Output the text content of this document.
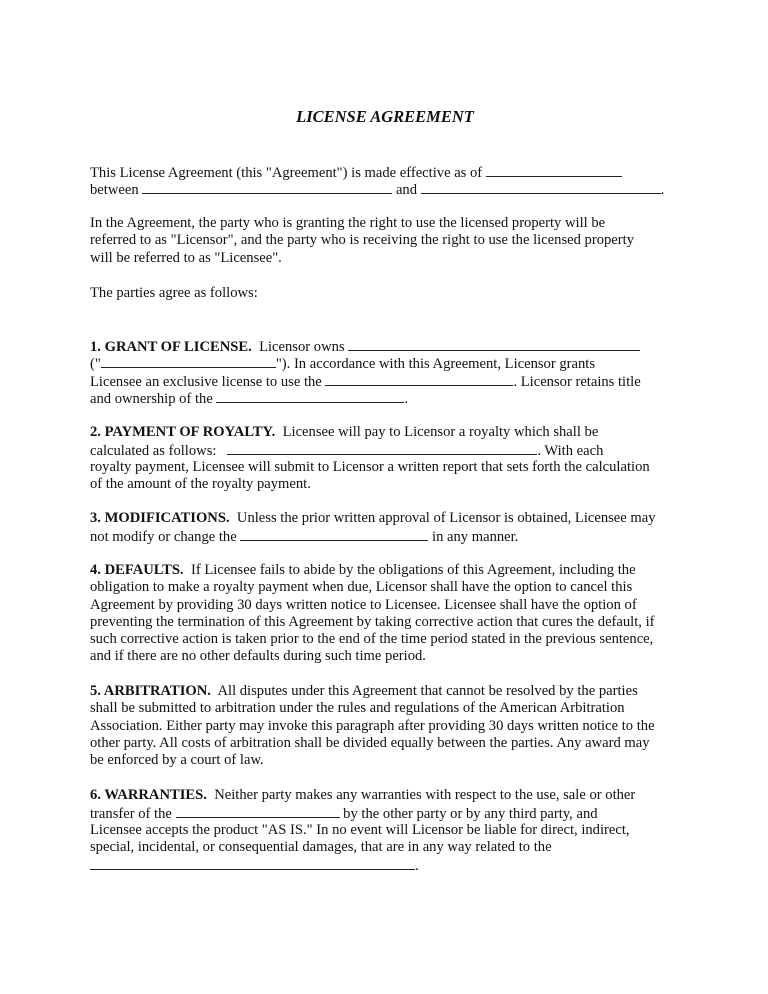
LICENSE AGREEMENT
This License Agreement (this "Agreement") is made effective as of
between	and	.
In the Agreement, the party who is granting the right to use the licensed property will be
referred to as "Licensor", and the party who is receiving the right to use the licensed property
will be referred to as "Licensee".
The parties agree as follows:
1. GRANT OF LICENSE. Licensor owns
("	"). In accordance with this Agreement, Licensor grants
Licensee an exclusive license to use the	. Licensor retains title
and ownership of the	.
2. PAYMENT OF ROYALTY. Licensee will pay to Licensor a royalty which shall be
calculated as follows:	. With each
royalty payment, Licensee will submit to Licensor a written report that sets forth the calculation
of the amount of the royalty payment.
3. MODIFICATIONS. Unless the prior written approval of Licensor is obtained, Licensee may
not modify or change the	in any manner.
4. DEFAULTS. If Licensee fails to abide by the obligations of this Agreement, including the
obligation to make a royalty payment when due, Licensor shall have the option to cancel this
Agreement by providing 30 days written notice to Licensee. Licensee shall have the option of
preventing the termination of this Agreement by taking corrective action that cures the default, if
such corrective action is taken prior to the end of the time period stated in the previous sentence,
and if there are no other defaults during such time period.
5. ARBITRATION. All disputes under this Agreement that cannot be resolved by the parties
shall be submitted to arbitration under the rules and regulations of the American Arbitration
Association. Either party may invoke this paragraph after providing 30 days written notice to the
other party. All costs of arbitration shall be divided equally between the parties. Any award may
be enforced by a court of law.
6. WARRANTIES. Neither party makes any warranties with respect to the use, sale or other
transfer of the	by the other party or by any third party, and
Licensee accepts the product "AS IS." In no event will Licensor be liable for direct, indirect,
special, incidental, or consequential damages, that are in any way related to the
.
